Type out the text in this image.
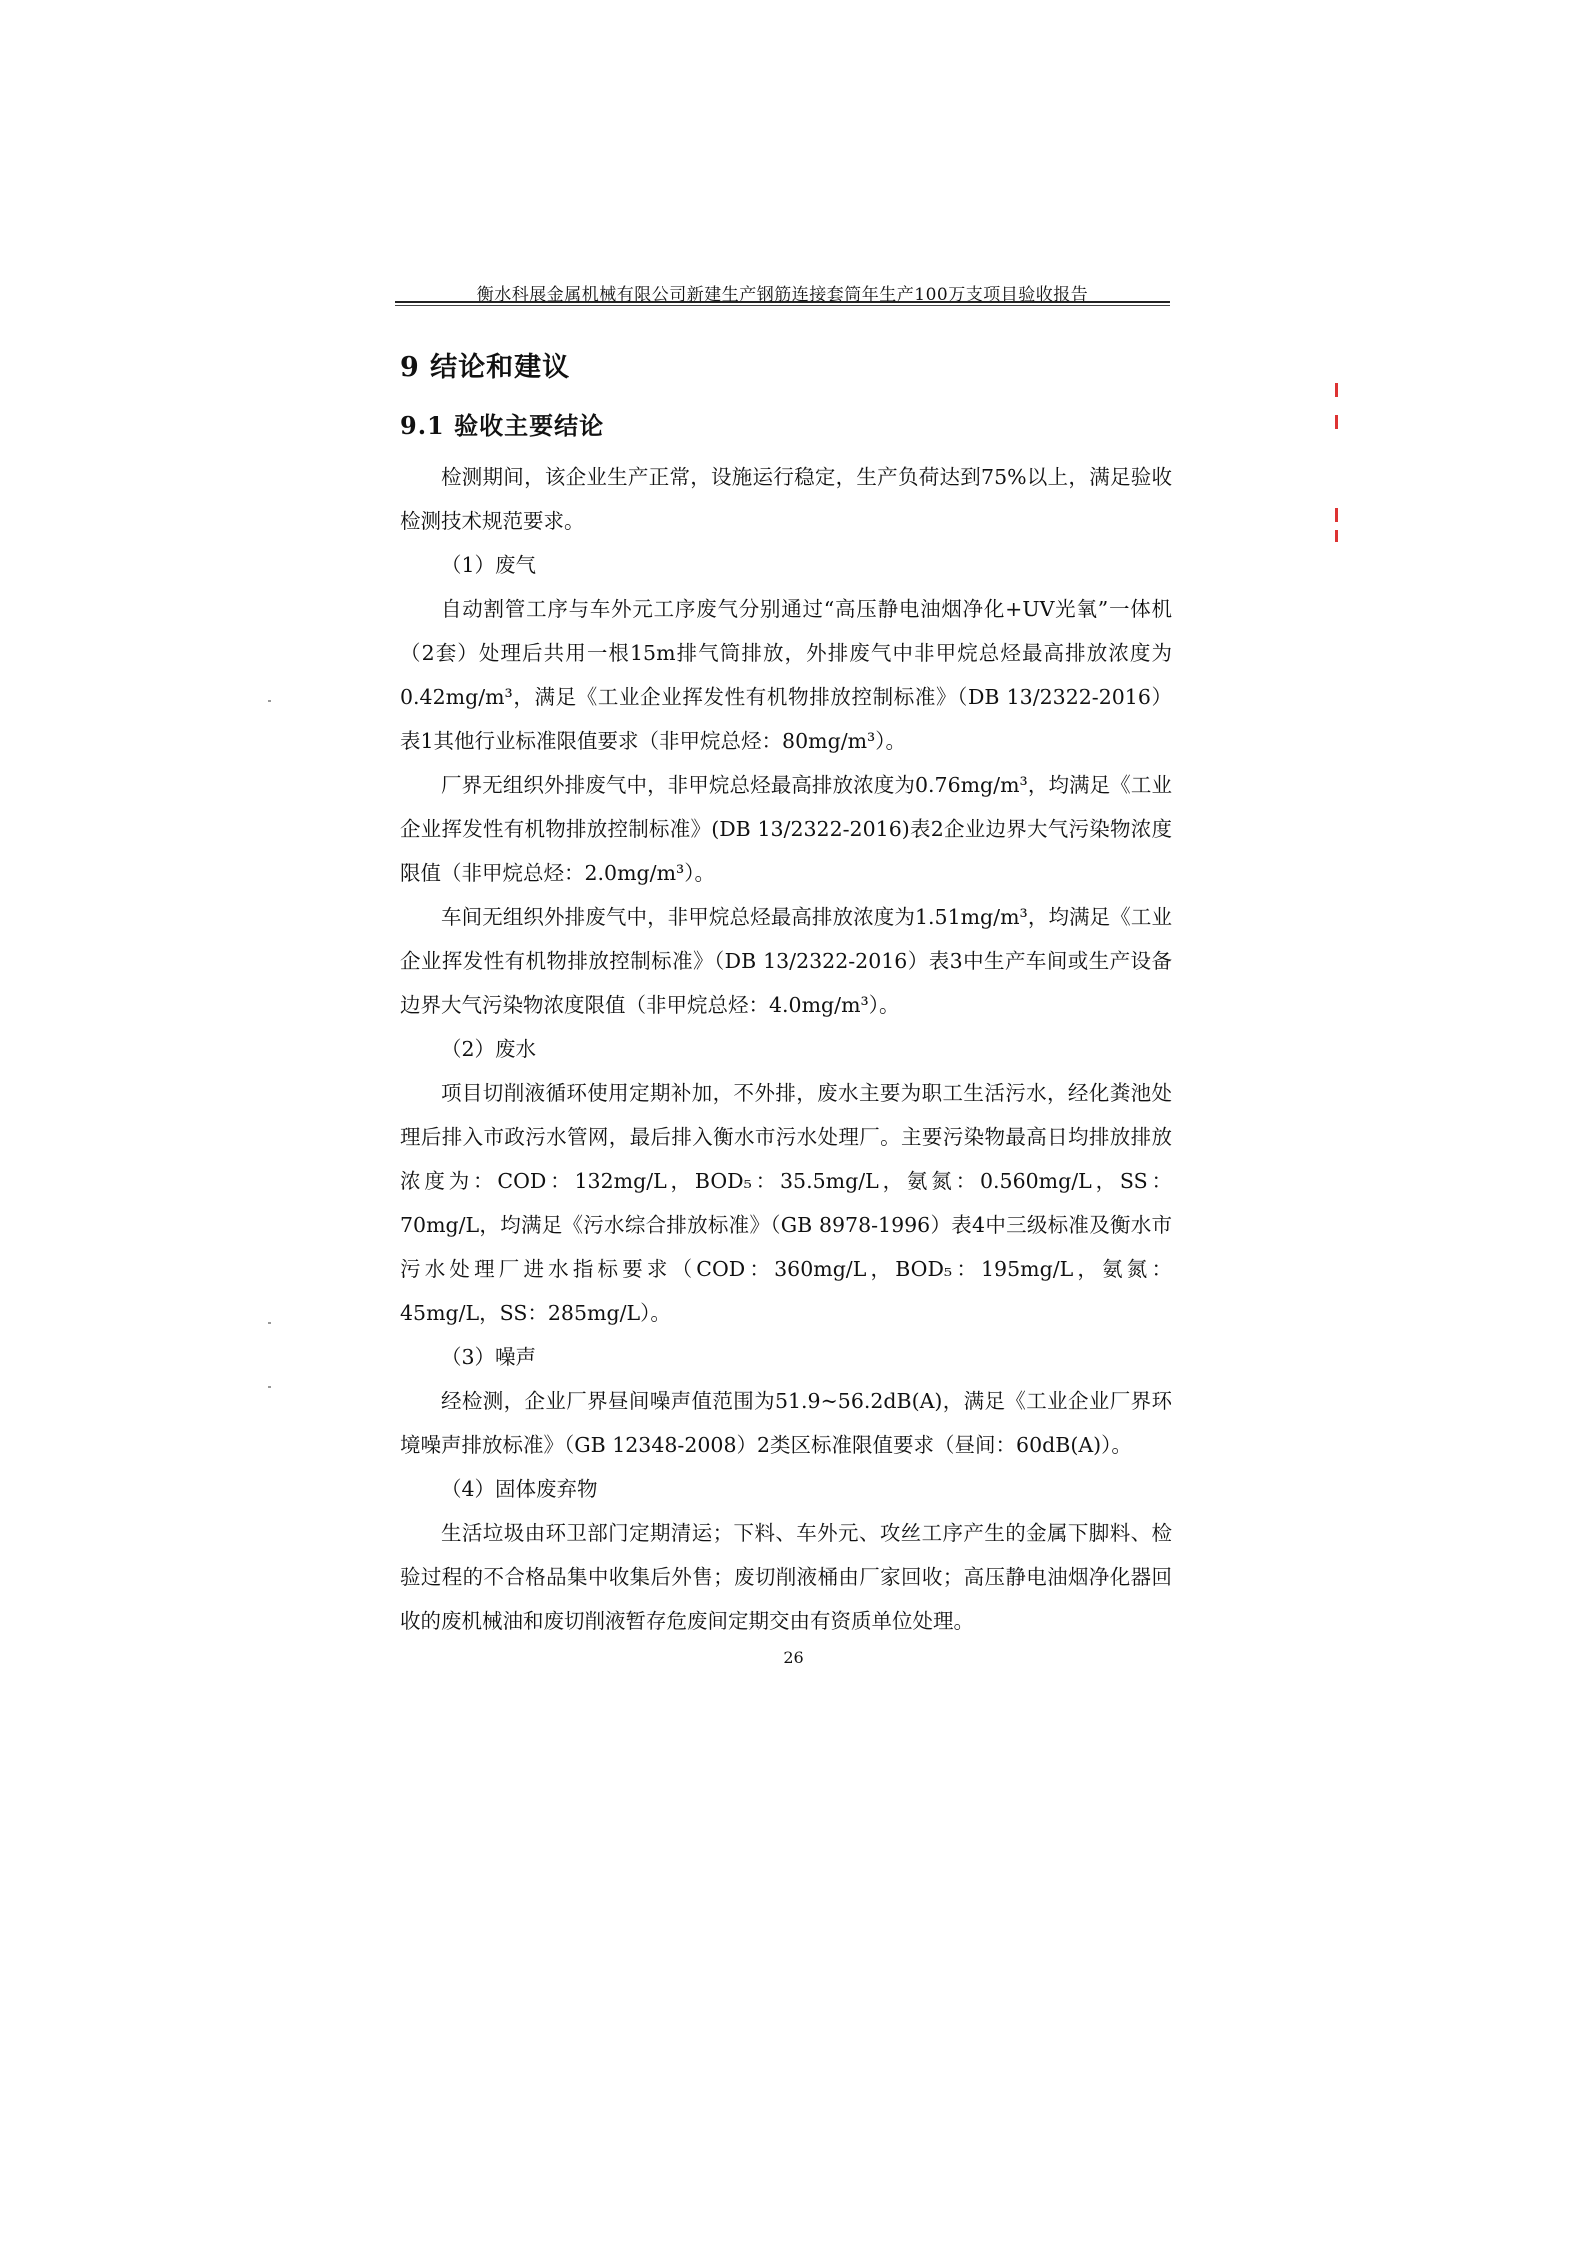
衡水科展金属机械有限公司新建生产钢筋连接套筒年生产100万支项目验收报告
9 结论和建议
9.1 验收主要结论

检测期间，该企业生产正常，设施运行稳定，生产负荷达到75%以上，满足验收检测技术规范要求。

（1）废气

自动割管工序与车外元工序废气分别通过“高压静电油烟净化+UV光氧”一体机（2套）处理后共用一根15m排气筒排放，外排废气中非甲烷总烃最高排放浓度为0.42mg/m³，满足《工业企业挥发性有机物排放控制标准》（DB 13/2322-2016）表1其他行业标准限值要求（非甲烷总烃：80mg/m³）。

厂界无组织外排废气中，非甲烷总烃最高排放浓度为0.76mg/m³，均满足《工业企业挥发性有机物排放控制标准》(DB 13/2322-2016)表2企业边界大气污染物浓度限值（非甲烷总烃：2.0mg/m³）。

车间无组织外排废气中，非甲烷总烃最高排放浓度为1.51mg/m³，均满足《工业企业挥发性有机物排放控制标准》（DB 13/2322-2016）表3中生产车间或生产设备边界大气污染物浓度限值（非甲烷总烃：4.0mg/m³）。

（2）废水

项目切削液循环使用定期补加，不外排，废水主要为职工生活污水，经化粪池处理后排入市政污水管网，最后排入衡水市污水处理厂。主要污染物最高日均排放排放浓度为：COD：132mg/L，BOD₅：35.5mg/L，氨氮：0.560mg/L，SS：70mg/L，均满足《污水综合排放标准》（GB 8978-1996）表4中三级标准及衡水市污水处理厂进水指标要求（COD：360mg/L，BOD₅：195mg/L，氨氮：45mg/L，SS：285mg/L）。

（3）噪声

经检测，企业厂界昼间噪声值范围为51.9~56.2dB(A)，满足《工业企业厂界环境噪声排放标准》（GB 12348-2008）2类区标准限值要求（昼间：60dB(A)）。

（4）固体废弃物

生活垃圾由环卫部门定期清运；下料、车外元、攻丝工序产生的金属下脚料、检验过程的不合格品集中收集后外售；废切削液桶由厂家回收；高压静电油烟净化器回收的废机械油和废切削液暂存危废间定期交由有资质单位处理。

26
